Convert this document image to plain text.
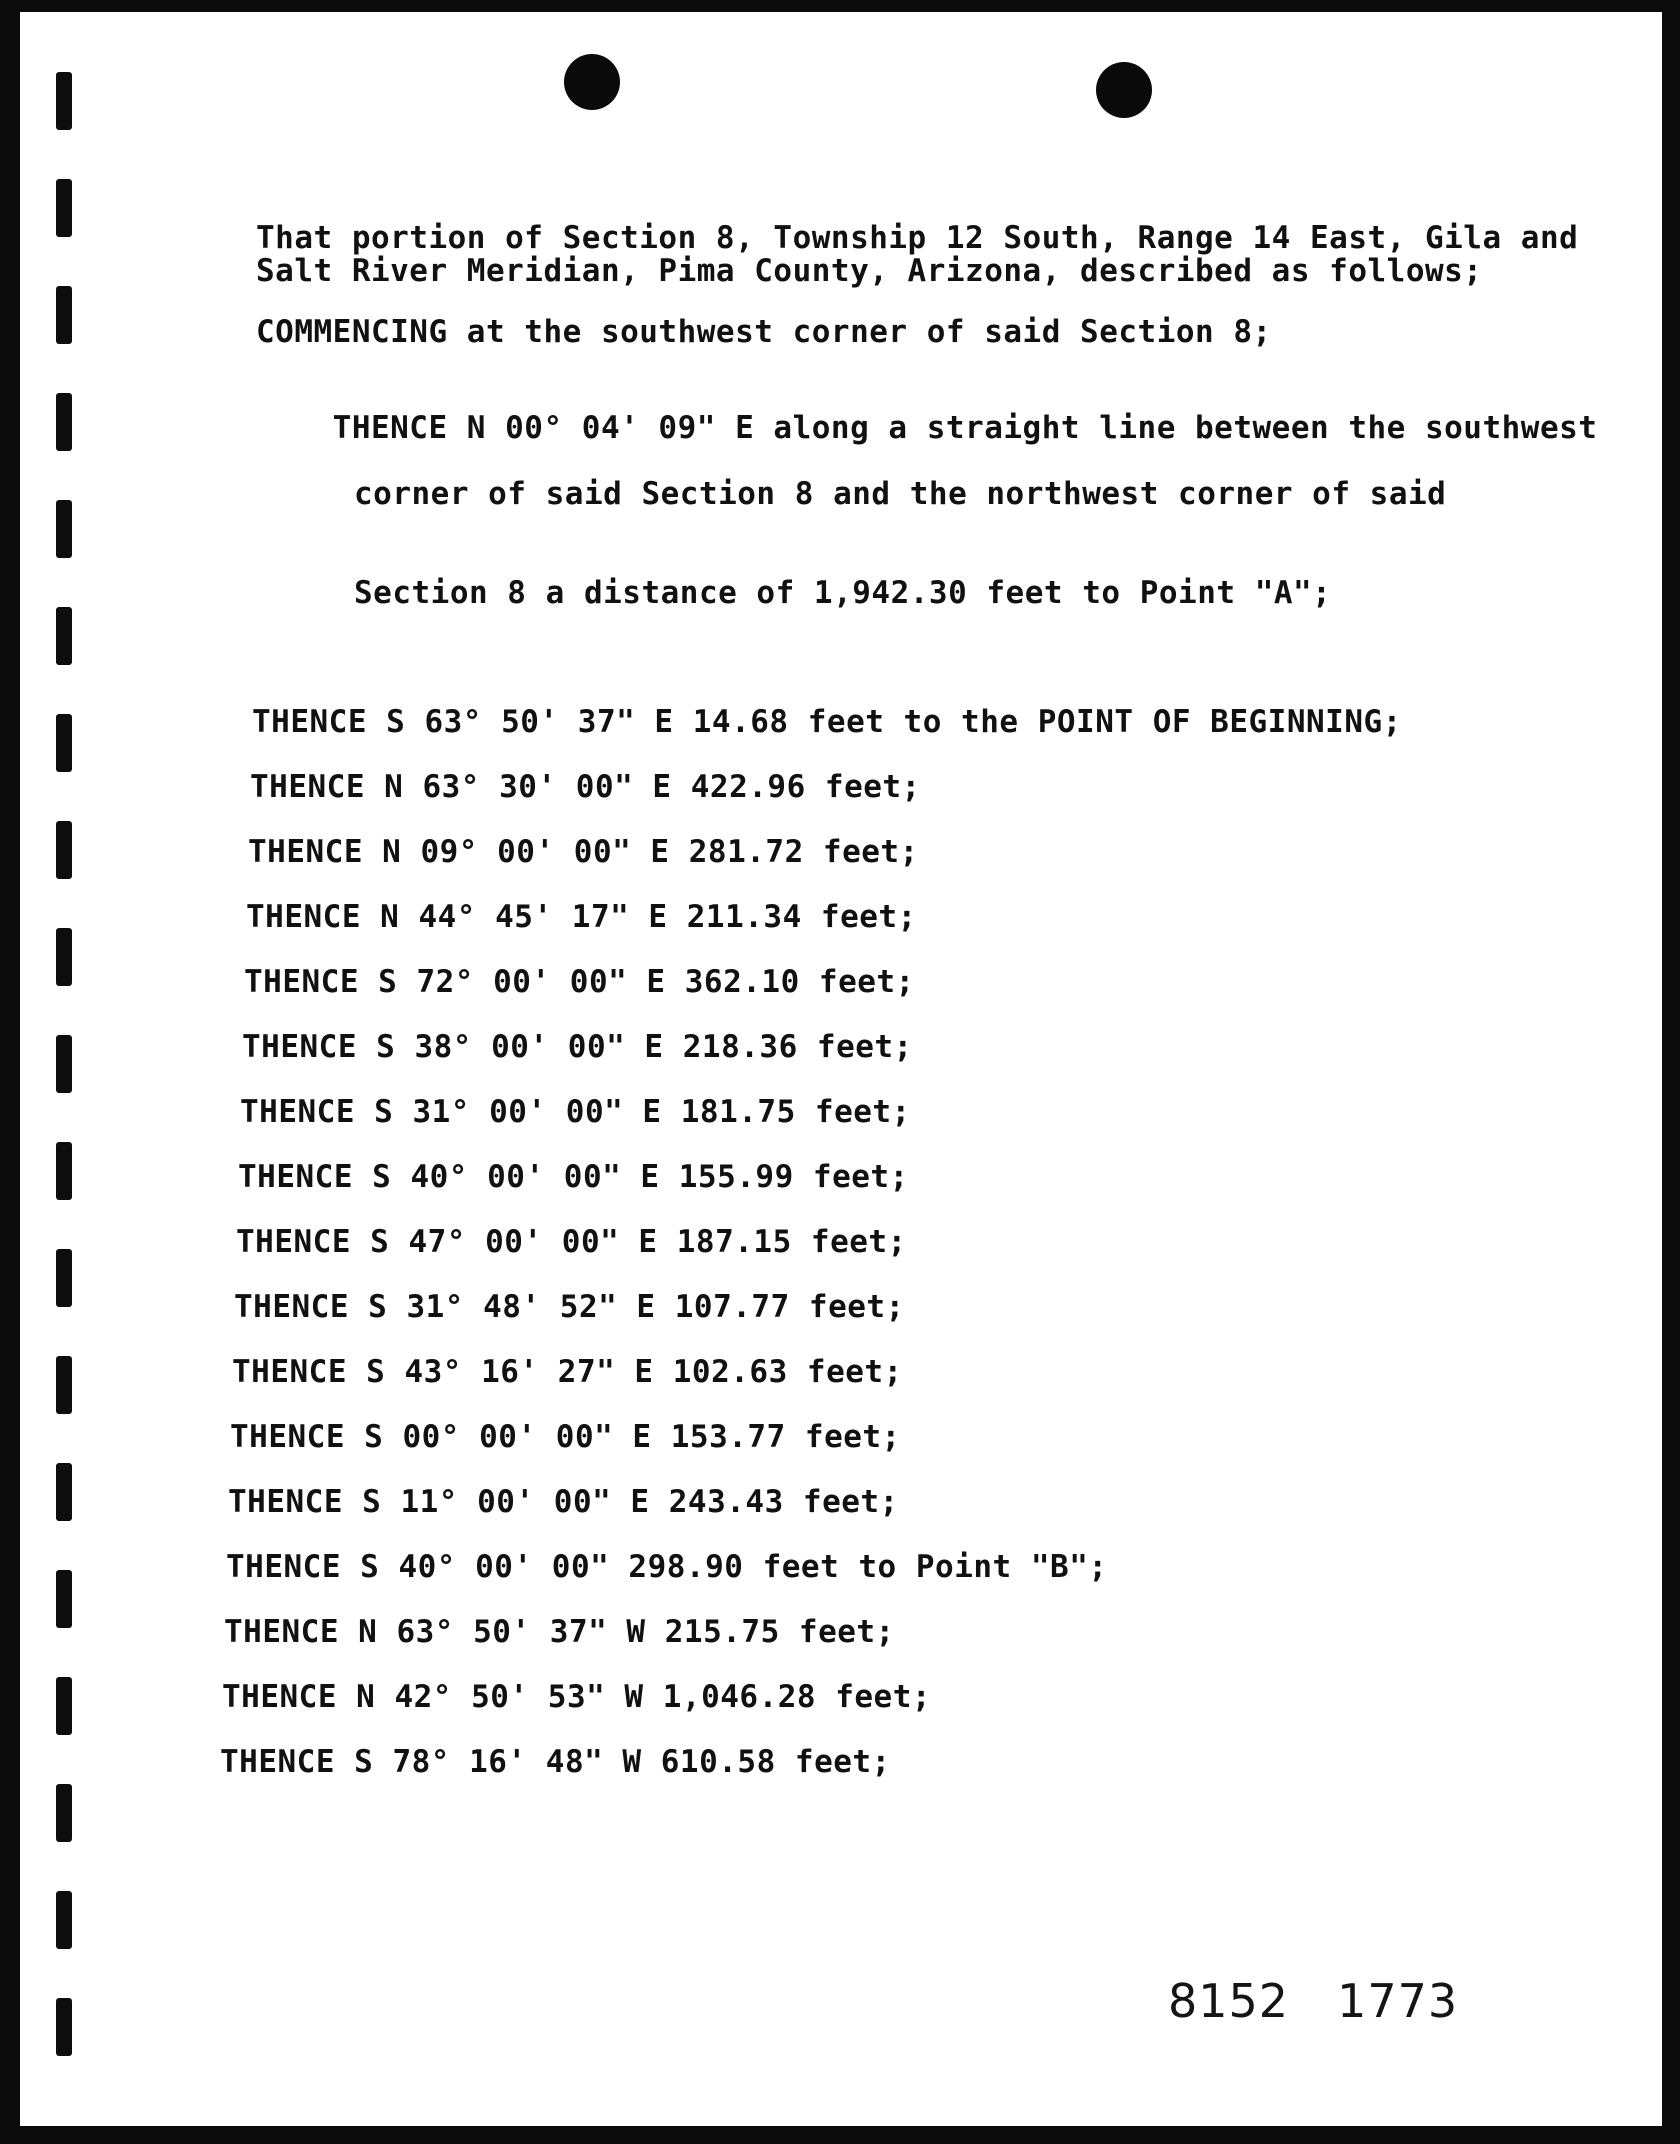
That portion of Section 8, Township 12 South, Range 14 East, Gila and Salt River Meridian, Pima County, Arizona, described as follows;
COMMENCING at the southwest corner of said Section 8;

THENCE N 00° 04' 09" E along a straight line between the southwest

corner of said Section 8 and the northwest corner of said

Section 8 a distance of 1,942.30 feet to Point "A";

THENCE S 63° 50' 37" E 14.68 feet to the POINT OF BEGINNING;
THENCE N 63° 30' 00" E 422.96 feet;
THENCE N 09° 00' 00" E 281.72 feet;
THENCE N 44° 45' 17" E 211.34 feet;
THENCE S 72° 00' 00" E 362.10 feet;
THENCE S 38° 00' 00" E 218.36 feet;
THENCE S 31° 00' 00" E 181.75 feet;
THENCE S 40° 00' 00" E 155.99 feet;
THENCE S 47° 00' 00" E 187.15 feet;
THENCE S 31° 48' 52" E 107.77 feet;
THENCE S 43° 16' 27" E 102.63 feet;
THENCE S 00° 00' 00" E 153.77 feet;
THENCE S 11° 00' 00" E 243.43 feet;
THENCE S 40° 00' 00" 298.90 feet to Point "B";
THENCE N 63° 50' 37" W 215.75 feet;
THENCE N 42° 50' 53" W 1,046.28 feet;
THENCE S 78° 16' 48" W 610.58 feet;
8152 1773
